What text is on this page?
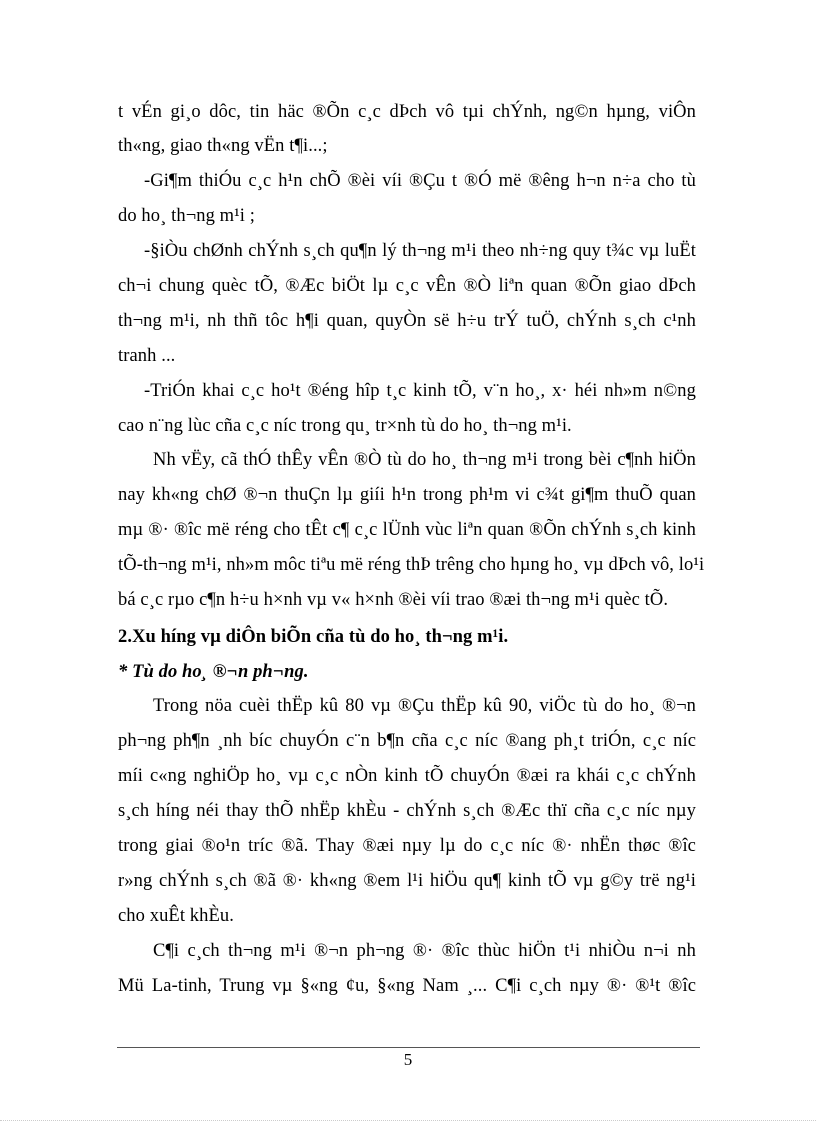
t vÉn gi¸o dôc, tin häc ®Õn c¸c dÞch vô tµi chÝnh, ng©n hµng, viÔn
th«ng, giao th«ng vËn t¶i...;
-Gi¶m thiÓu c¸c h¹n chÕ ®èi víi ®Çu t ®Ó më ®êng h¬n n÷a cho tù
do ho¸ th¬ng m¹i ;
-§iÒu chØnh chÝnh s¸ch qu¶n lý th¬ng m¹i theo nh÷ng quy t¾c vµ luËt
ch¬i chung quèc tÕ, ®Æc biÖt lµ c¸c vÊn ®Ò liªn quan ®Õn giao dÞch
th¬ng m¹i, nh thñ tôc h¶i quan, quyÒn së h÷u trÝ tuÖ, chÝnh s¸ch c¹nh
tranh ...
-TriÓn khai c¸c ho¹t ®éng hîp t¸c kinh tÕ, v¨n ho¸, x· héi nh»m n©ng
cao n¨ng lùc cña c¸c níc trong qu¸ tr×nh tù do ho¸ th¬ng m¹i.
Nh vËy, cã thÓ thÊy vÊn ®Ò tù do ho¸ th¬ng m¹i trong bèi c¶nh hiÖn
nay kh«ng chØ ®¬n thuÇn lµ giíi h¹n trong ph¹m vi c¾t gi¶m thuÕ quan
mµ ®· ®îc më réng cho tÊt c¶ c¸c lÜnh vùc liªn quan ®Õn chÝnh s¸ch kinh
tÕ-th¬ng m¹i, nh»m môc tiªu më réng thÞ trêng cho hµng ho¸ vµ dÞch vô, lo¹i
bá c¸c rµo c¶n h÷u h×nh vµ v« h×nh ®èi víi trao ®æi th¬ng m¹i quèc tÕ.
2.Xu híng vµ diÔn biÕn cña tù do ho¸ th¬ng m¹i.
* Tù do ho¸ ®¬n ph¬ng.
Trong nöa cuèi thËp kû 80 vµ ®Çu thËp kû 90, viÖc tù do ho¸ ®¬n
ph¬ng ph¶n ¸nh bíc chuyÓn c¨n b¶n cña c¸c níc ®ang ph¸t triÓn, c¸c níc
míi c«ng nghiÖp ho¸ vµ c¸c nÒn kinh tÕ chuyÓn ®æi ra khái c¸c chÝnh
s¸ch híng néi thay thÕ nhËp khÈu - chÝnh s¸ch ®Æc thï cña c¸c níc nµy
trong giai ®o¹n tríc ®ã. Thay ®æi nµy lµ do c¸c níc ®· nhËn thøc ®îc
r»ng chÝnh s¸ch ®ã ®· kh«ng ®em l¹i hiÖu qu¶ kinh tÕ vµ g©y trë ng¹i
cho xuÊt khÈu.
C¶i c¸ch th¬ng m¹i ®¬n ph¬ng ®· ®îc thùc hiÖn t¹i nhiÒu n¬i nh
Mü La-tinh, Trung vµ §«ng ¢u, §«ng Nam ¸... C¶i c¸ch nµy ®· ®¹t ®îc
5
